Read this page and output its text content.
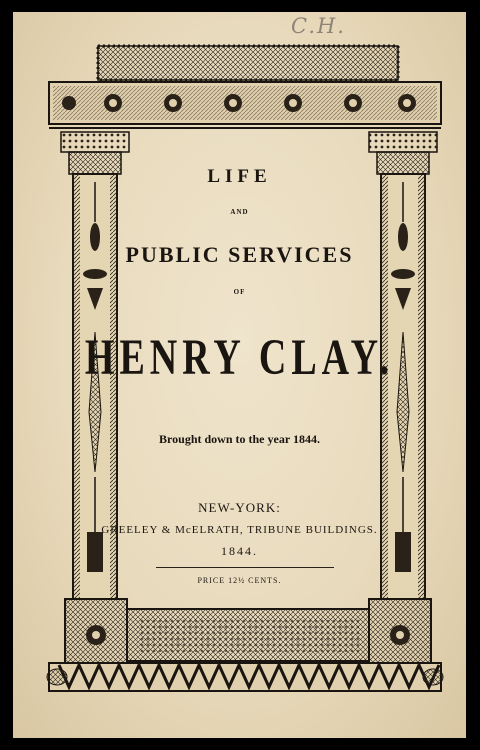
C.H.
LIFE
AND
PUBLIC SERVICES
OF
HENRY CLAY.
Brought down to the year 1844.
NEW-YORK:
GREELEY & McELRATH, TRIBUNE BUILDINGS.
1844.
PRICE 12½ CENTS.
